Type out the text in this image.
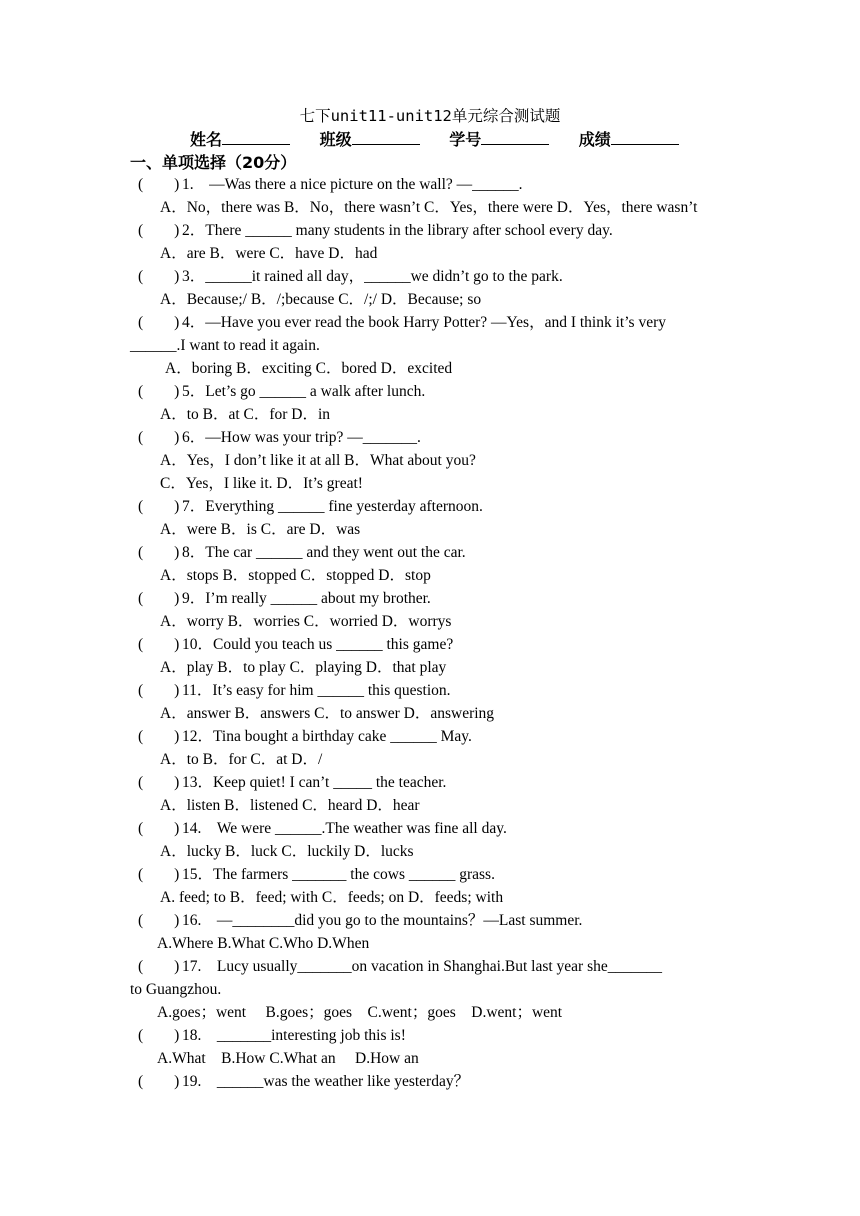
七下unit11-unit12单元综合测试题
姓名	班级	学号	成绩
一、单项选择（20分）
(　　) 1.　—Was there a nice picture on the wall? —______.
A．No，there was B．No，there wasn’t C．Yes，there were D．Yes，there wasn’t
(　　) 2．There ______ many students in the library after school every day.
A．are B．were C．have D．had
(　　) 3．______it rained all day，______we didn’t go to the park.
A．Because;/ B．/;because C．/;/ D．Because; so
(　　) 4．—Have you ever read the book Harry Potter? —Yes，and I think it’s very
______.I want to read it again.
A．boring B．exciting C．bored D．excited
(　　) 5．Let’s go ______ a walk after lunch.
A．to B．at C．for D．in
(　　) 6．—How was your trip? —_______.
A．Yes，I don’t like it at all B．What about you?
C．Yes，I like it. D．It’s great!
(　　) 7．Everything ______ fine yesterday afternoon.
A．were B．is C．are D．was
(　　) 8．The car ______ and they went out the car.
A．stops B．stopped C．stopped D．stop
(　　) 9．I’m really ______ about my brother.
A．worry B．worries C．worried D．worrys
(　　) 10．Could you teach us ______ this game?
A．play B．to play C．playing D．that play
(　　) 11．It’s easy for him ______ this question.
A．answer B．answers C．to answer D．answering
(　　) 12．Tina bought a birthday cake ______ May.
A．to B．for C．at D．/
(　　) 13．Keep quiet! I can’t _____ the teacher.
A．listen B．listened C．heard D．hear
(　　) 14.　We were ______.The weather was fine all day.
A．lucky B．luck C．luckily D．lucks
(　　) 15．The farmers _______ the cows ______ grass.
A. feed; to B．feed; with C．feeds; on D．feeds; with
(　　) 16.　—________did you go to the mountains？—Last summer.
A.Where B.What C.Who D.When
(　　) 17.　Lucy usually_______on vacation in Shanghai.But last year she_______
to Guangzhou.
A.goes；went　 B.goes；goes　C.went；goes　D.went；went
(　　) 18.　_______interesting job this is!
A.What　B.How C.What an　 D.How an
(　　) 19.　______was the weather like yesterday？
